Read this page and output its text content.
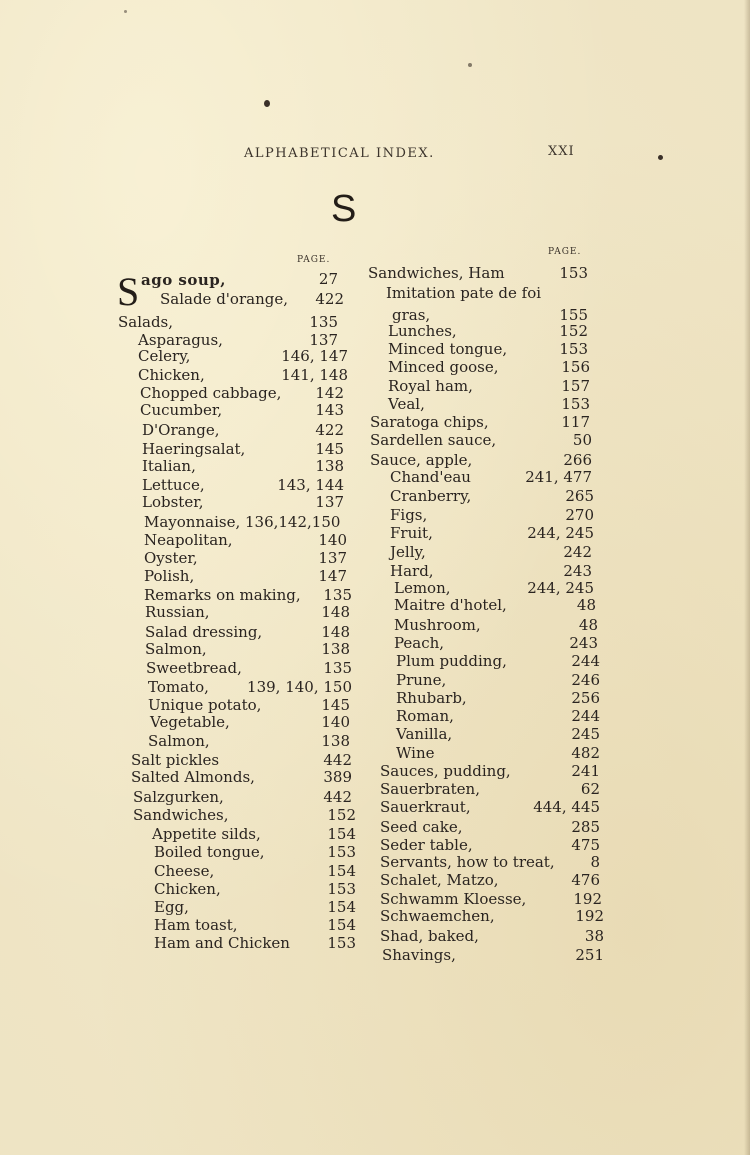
ALPHABETICAL INDEX.	XXI
S
PAGE.
PAGE.
S ago soup,	27
Salade d'orange, 422
Salads,	135
Asparagus,	137
Celery,	146, 147
Chicken,	141, 148
Chopped cabbage, 142
Cucumber,	143
D'Orange,	422
Haeringsalat,	145
Italian,	138
Lettuce,	143, 144
Lobster,	137
Mayonnaise, 136,142,150
Neapolitan,	140
Oyster,	137
Polish,	147
Remarks on making, 135
Russian,	148
Salad dressing,	148
Salmon,	138
Sweetbread,	135
Tomato,	139, 140, 150
Unique potato,	145
Vegetable,	140
Salmon,	138
Salt pickles	442
Salted Almonds,	389
Salzgurken,	442
Sandwiches,	152
Appetite silds,	154
Boiled tongue,	153
Cheese,	154
Chicken,	153
Egg,	154
Ham toast,	154
Ham and Chicken 153
Sandwiches, Ham	153
Imitation pate de foi
gras,	155
Lunches,	152
Minced tongue,	153
Minced goose,	156
Royal ham,	157
Veal,	153
Saratoga chips,	117
Sardellen sauce,	50
Sauce, apple,	266
Chand'eau	241, 477
Cranberry,	265
Figs,	270
Fruit,	244, 245
Jelly,	242
Hard,	243
Lemon,	244, 245
Maitre d'hotel,	48
Mushroom,	48
Peach,	243
Plum pudding,	244
Prune,	246
Rhubarb,	256
Roman,	244
Vanilla,	245
Wine	482
Sauces, pudding,	241
Sauerbraten,	62
Sauerkraut,	444, 445
Seed cake,	285
Seder table,	475
Servants, how to treat, 8
Schalet, Matzo,	476
Schwamm Kloesse,	192
Schwaemchen,	192
Shad, baked,	38
Shavings,	251
